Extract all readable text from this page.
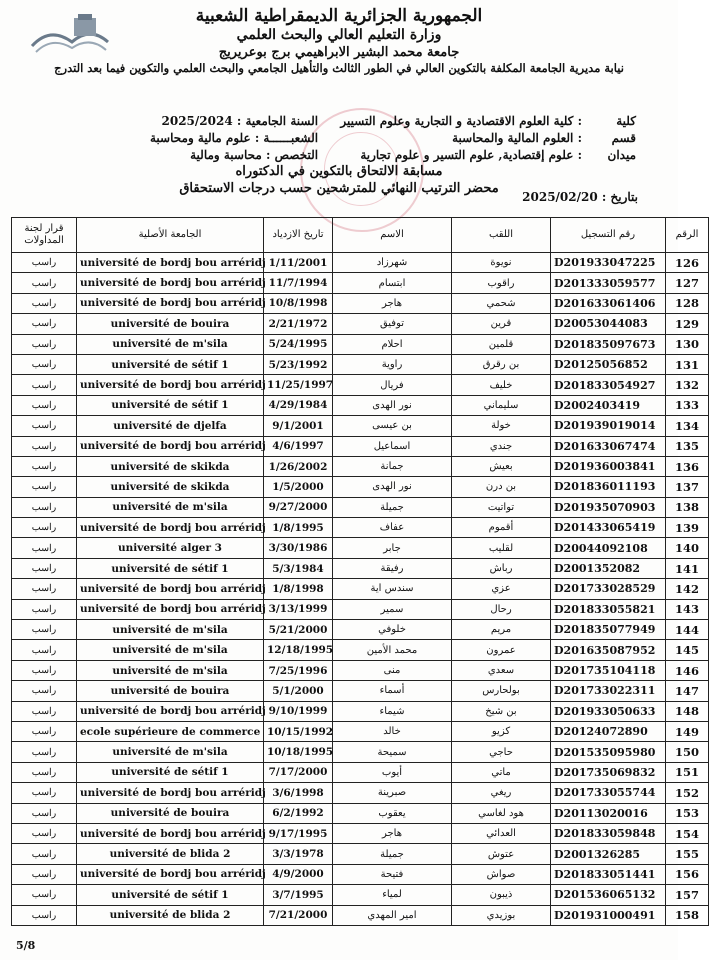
الجمهورية الجزائرية الديمقراطية الشعبية
وزارة التعليم العالي والبحث العلمي
جامعة محمد البشير الابراهيمي برج بوعريريج
نيابة مديرية الجامعة المكلفة بالتكوين العالي في الطور الثالث والتأهيل الجامعي والبحث العلمي والتكوين فيما بعد التدرج
كلية
: كلية العلوم الاقتصادية و التجارية وعلوم التسيير
قسم
: العلوم المالية والمحاسبة
ميدان
: علوم إقتصادية, علوم التسير و علوم تجارية
السنة الجامعية : 2025/2024
الشعبــــــة : علوم مالية ومحاسبة
التخصص : محاسبة ومالية
مسابقة الالتحاق بالتكوين في الدكتوراه
محضر الترتيب النهائي للمترشحين حسب درجات الاستحقاق
بتاريخ : 2025/02/20
قرار لجنة المداولات	الجامعة الأصلية	تاريخ الازدياد	الاسم	اللقب	رقم التسجيل	الرقم
راسب	université de bordj bou arréridj	1/11/2001	شهرزاد	نويوة	D201933047225	126
راسب	université de bordj bou arréridj	11/7/1994	ابتسام	راقوب	D201333059577	127
راسب	université de bordj bou arréridj	10/8/1998	هاجر	شحمي	D201633061406	128
راسب	université de bouira	2/21/1972	توفيق	قرين	D20053044083	129
راسب	université de m'sila	5/24/1995	احلام	قلمين	D201835097673	130
راسب	université de sétif 1	5/23/1992	راوية	بن رقرق	D20125056852	131
راسب	université de bordj bou arréridj	11/25/1997	فريال	خليف	D201833054927	132
راسب	université de sétif 1	4/29/1984	نور الهدى	سليماني	D2002403419	133
راسب	université de djelfa	9/1/2001	بن عيسى	خولة	D201939019014	134
راسب	université de bordj bou arréridj	4/6/1997	اسماعيل	جندي	D201633067474	135
راسب	université de skikda	1/26/2002	جمانة	بعيش	D201936003841	136
راسب	université de skikda	1/5/2000	نور الهدى	بن درن	D201836011193	137
راسب	université de m'sila	9/27/2000	جميلة	تواتيت	D201935070903	138
راسب	université de bordj bou arréridj	1/8/1995	عفاف	أقموم	D201433065419	139
راسب	université alger 3	3/30/1986	جابر	لقليب	D20044092108	140
راسب	université de sétif 1	5/3/1984	رفيقة	رباش	D2001352082	141
راسب	université de bordj bou arréridj	1/8/1998	سندس اية	عزي	D201733028529	142
راسب	université de bordj bou arréridj	3/13/1999	سمير	رحال	D201833055821	143
راسب	université de m'sila	5/21/2000	خلوفي	مريم	D201835077949	144
راسب	université de m'sila	12/18/1995	محمد الأمين	عمرون	D201635087952	145
راسب	université de m'sila	7/25/1996	منى	سعدي	D201735104118	146
راسب	université de bouira	5/1/2000	أسماء	بولحارس	D201733022311	147
راسب	université de bordj bou arréridj	9/10/1999	شيماء	بن شيخ	D201933050633	148
راسب	ecole supérieure de commerce	10/15/1992	خالد	كزيو	D20124072890	149
راسب	université de m'sila	10/18/1995	سميحة	حاجي	D201535095980	150
راسب	université de sétif 1	7/17/2000	أيوب	ماتي	D201735069832	151
راسب	université de bordj bou arréridj	3/6/1998	صبرينة	ريغي	D201733055744	152
راسب	université de bouira	6/2/1992	يعقوب	هود لغاسي	D20113020016	153
راسب	université de bordj bou arréridj	9/17/1995	هاجر	العدائي	D201833059848	154
راسب	université de blida 2	3/3/1978	جميلة	عتوش	D2001326285	155
راسب	université de bordj bou arréridj	4/9/2000	فتيحة	صواش	D201833051441	156
راسب	université de sétif 1	3/7/1995	لمياء	ذيبون	D201536065132	157
راسب	université de blida 2	7/21/2000	امير المهدي	بوزيدي	D201931000491	158
5/8
